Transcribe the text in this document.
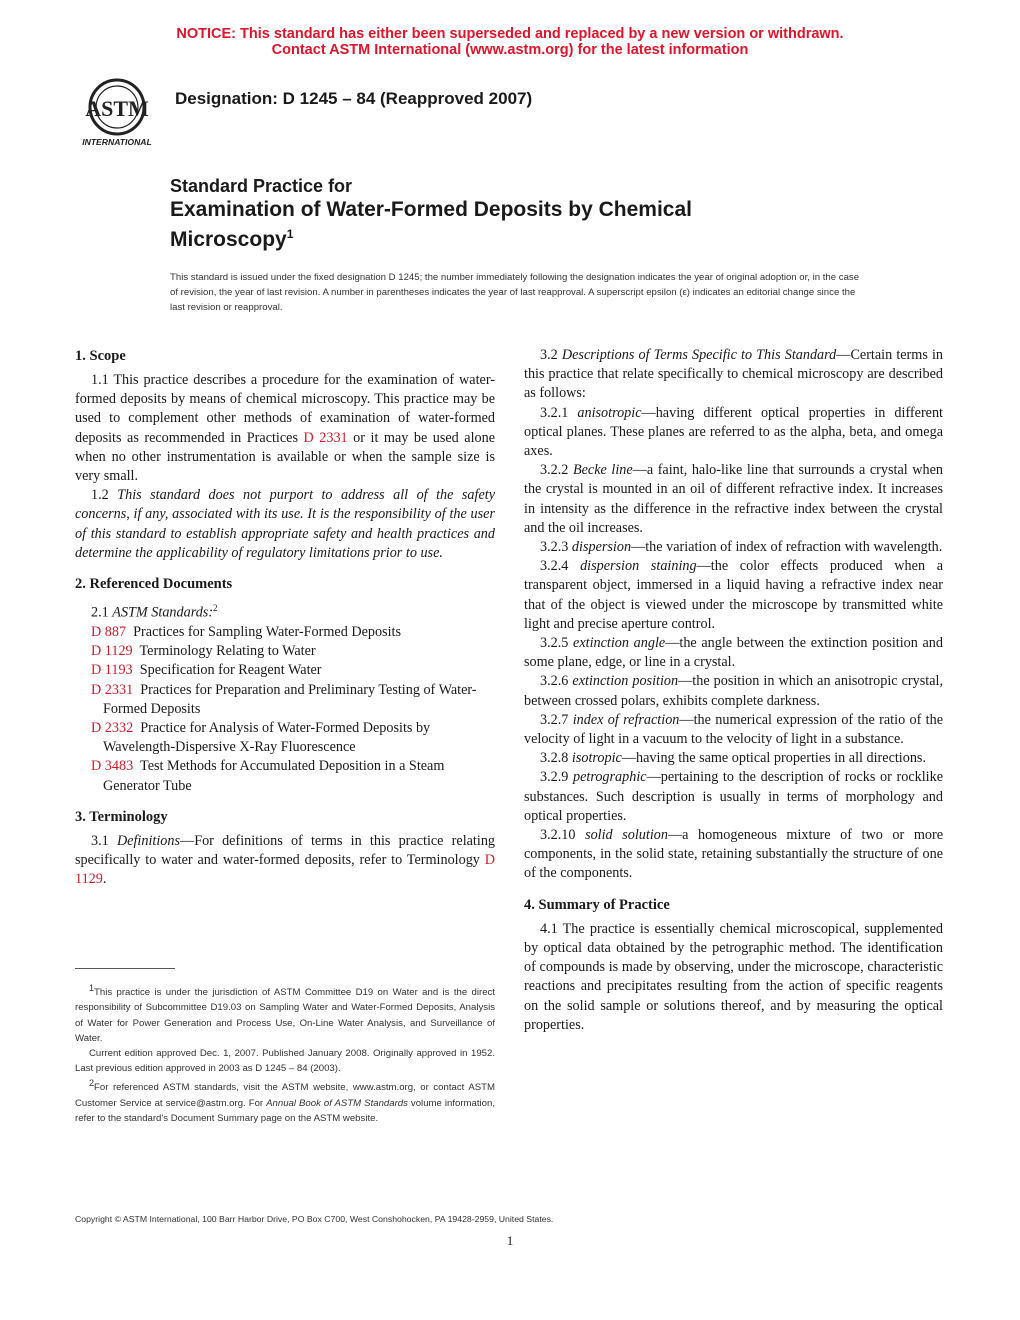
NOTICE: This standard has either been superseded and replaced by a new version or withdrawn.
Contact ASTM International (www.astm.org) for the latest information
ASTM
INTERNATIONAL
Designation: D 1245 – 84 (Reapproved 2007)
Standard Practice for
Examination of Water-Formed Deposits by Chemical
Microscopy$^1$
This standard is issued under the fixed designation D 1245; the number immediately following the designation indicates the year of original adoption or, in the case of revision, the year of last revision. A number in parentheses indicates the year of last reapproval. A superscript epsilon (ε) indicates an editorial change since the last revision or reapproval.
1. Scope

1.1 This practice describes a procedure for the examination of water-formed deposits by means of chemical microscopy. This practice may be used to complement other methods of examination of water-formed deposits as recommended in Practices D 2331 or it may be used alone when no other instrumentation is available or when the sample size is very small.

1.2 This standard does not purport to address all of the safety concerns, if any, associated with its use. It is the responsibility of the user of this standard to establish appropriate safety and health practices and determine the applicability of regulatory limitations prior to use.

2. Referenced Documents

2.1 ASTM Standards:$^2$

D 887 Practices for Sampling Water-Formed Deposits

D 1129 Terminology Relating to Water

D 1193 Specification for Reagent Water

D 2331 Practices for Preparation and Preliminary Testing of Water-Formed Deposits

D 2332 Practice for Analysis of Water-Formed Deposits by Wavelength-Dispersive X-Ray Fluorescence

D 3483 Test Methods for Accumulated Deposition in a Steam Generator Tube

3. Terminology

3.1 Definitions—For definitions of terms in this practice relating specifically to water and water-formed deposits, refer to Terminology D 1129.

$^1$This practice is under the jurisdiction of ASTM Committee D19 on Water and is the direct responsibility of Subcommittee D19.03 on Sampling Water and Water-Formed Deposits, Analysis of Water for Power Generation and Process Use, On-Line Water Analysis, and Surveillance of Water.

Current edition approved Dec. 1, 2007. Published January 2008. Originally approved in 1952. Last previous edition approved in 2003 as D 1245 – 84 (2003).

$^2$For referenced ASTM standards, visit the ASTM website, www.astm.org, or contact ASTM Customer Service at service@astm.org. For Annual Book of ASTM Standards volume information, refer to the standard's Document Summary page on the ASTM website.

3.2 Descriptions of Terms Specific to This Standard—Certain terms in this practice that relate specifically to chemical microscopy are described as follows:

3.2.1 anisotropic—having different optical properties in different optical planes. These planes are referred to as the alpha, beta, and omega axes.

3.2.2 Becke line—a faint, halo-like line that surrounds a crystal when the crystal is mounted in an oil of different refractive index. It increases in intensity as the difference in the refractive index between the crystal and the oil increases.

3.2.3 dispersion—the variation of index of refraction with wavelength.

3.2.4 dispersion staining—the color effects produced when a transparent object, immersed in a liquid having a refractive index near that of the object is viewed under the microscope by transmitted white light and precise aperture control.

3.2.5 extinction angle—the angle between the extinction position and some plane, edge, or line in a crystal.

3.2.6 extinction position—the position in which an anisotropic crystal, between crossed polars, exhibits complete darkness.

3.2.7 index of refraction—the numerical expression of the ratio of the velocity of light in a vacuum to the velocity of light in a substance.

3.2.8 isotropic—having the same optical properties in all directions.

3.2.9 petrographic—pertaining to the description of rocks or rocklike substances. Such description is usually in terms of morphology and optical properties.

3.2.10 solid solution—a homogeneous mixture of two or more components, in the solid state, retaining substantially the structure of one of the components.

4. Summary of Practice

4.1 The practice is essentially chemical microscopical, supplemented by optical data obtained by the petrographic method. The identification of compounds is made by observing, under the microscope, characteristic reactions and precipitates resulting from the action of specific reagents on the solid sample or solutions thereof, and by measuring the optical properties.

Copyright © ASTM International, 100 Barr Harbor Drive, PO Box C700, West Conshohocken, PA 19428-2959, United States.
1
